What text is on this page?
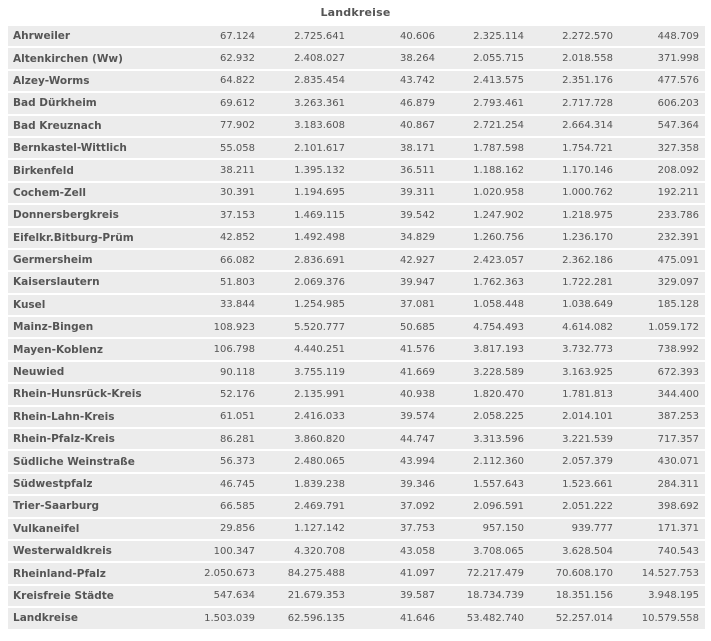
Landkreise
Ahrweiler	67.124	2.725.641	40.606	2.325.114	2.272.570	448.709
Altenkirchen (Ww)	62.932	2.408.027	38.264	2.055.715	2.018.558	371.998
Alzey-Worms	64.822	2.835.454	43.742	2.413.575	2.351.176	477.576
Bad Dürkheim	69.612	3.263.361	46.879	2.793.461	2.717.728	606.203
Bad Kreuznach	77.902	3.183.608	40.867	2.721.254	2.664.314	547.364
Bernkastel-Wittlich	55.058	2.101.617	38.171	1.787.598	1.754.721	327.358
Birkenfeld	38.211	1.395.132	36.511	1.188.162	1.170.146	208.092
Cochem-Zell	30.391	1.194.695	39.311	1.020.958	1.000.762	192.211
Donnersbergkreis	37.153	1.469.115	39.542	1.247.902	1.218.975	233.786
Eifelkr.Bitburg-Prüm	42.852	1.492.498	34.829	1.260.756	1.236.170	232.391
Germersheim	66.082	2.836.691	42.927	2.423.057	2.362.186	475.091
Kaiserslautern	51.803	2.069.376	39.947	1.762.363	1.722.281	329.097
Kusel	33.844	1.254.985	37.081	1.058.448	1.038.649	185.128
Mainz-Bingen	108.923	5.520.777	50.685	4.754.493	4.614.082	1.059.172
Mayen-Koblenz	106.798	4.440.251	41.576	3.817.193	3.732.773	738.992
Neuwied	90.118	3.755.119	41.669	3.228.589	3.163.925	672.393
Rhein-Hunsrück-Kreis	52.176	2.135.991	40.938	1.820.470	1.781.813	344.400
Rhein-Lahn-Kreis	61.051	2.416.033	39.574	2.058.225	2.014.101	387.253
Rhein-Pfalz-Kreis	86.281	3.860.820	44.747	3.313.596	3.221.539	717.357
Südliche Weinstraße	56.373	2.480.065	43.994	2.112.360	2.057.379	430.071
Südwestpfalz	46.745	1.839.238	39.346	1.557.643	1.523.661	284.311
Trier-Saarburg	66.585	2.469.791	37.092	2.096.591	2.051.222	398.692
Vulkaneifel	29.856	1.127.142	37.753	957.150	939.777	171.371
Westerwaldkreis	100.347	4.320.708	43.058	3.708.065	3.628.504	740.543
Rheinland-Pfalz	2.050.673	84.275.488	41.097	72.217.479	70.608.170	14.527.753
Kreisfreie Städte	547.634	21.679.353	39.587	18.734.739	18.351.156	3.948.195
Landkreise	1.503.039	62.596.135	41.646	53.482.740	52.257.014	10.579.558
